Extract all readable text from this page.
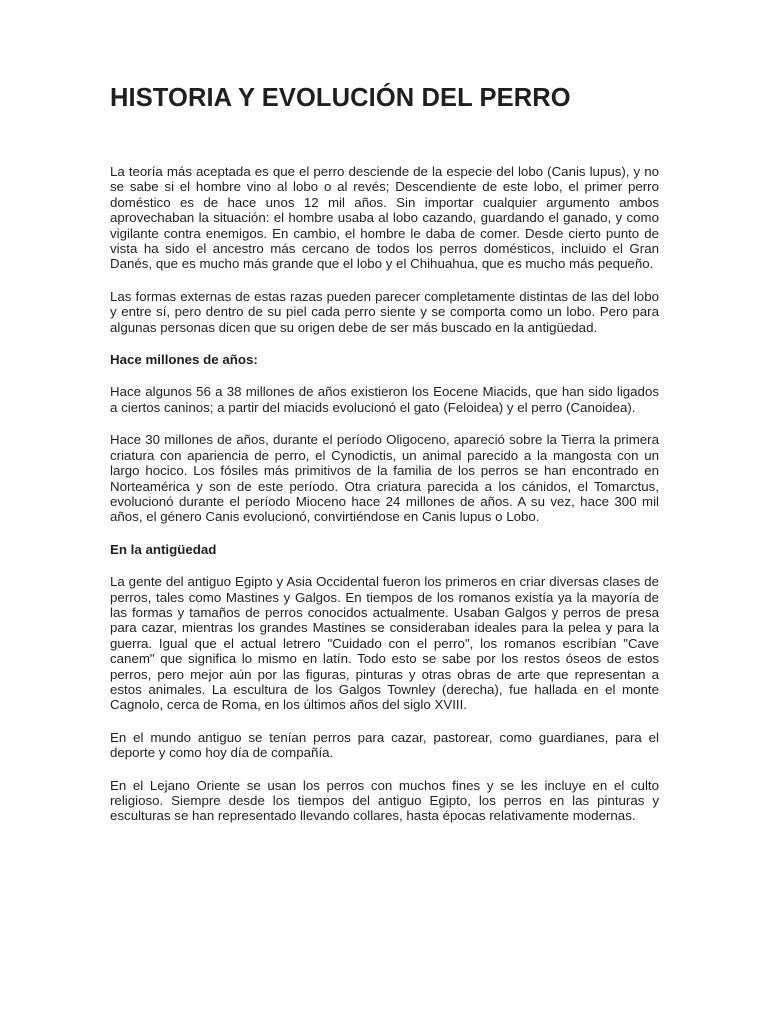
HISTORIA Y EVOLUCIÓN DEL PERRO

La teoría más aceptada es que el perro desciende de la especie del lobo (Canis lupus), y no se sabe si el hombre vino al lobo o al revés; Descendiente de este lobo, el primer perro doméstico es de hace unos 12 mil años. Sin importar cualquier argumento ambos aprovechaban la situación: el hombre usaba al lobo cazando, guardando el ganado, y como vigilante contra enemigos. En cambio, el hombre le daba de comer. Desde cierto punto de vista ha sido el ancestro más cercano de todos los perros domésticos, incluido el Gran Danés, que es mucho más grande que el lobo y el Chihuahua, que es mucho más pequeño.

Las formas externas de estas razas pueden parecer completamente distintas de las del lobo y entre sí, pero dentro de su piel cada perro siente y se comporta como un lobo. Pero para algunas personas dicen que su origen debe de ser más buscado en la antigüedad.

Hace millones de años:

Hace algunos 56 a 38 millones de años existieron los Eocene Miacids, que han sido ligados a ciertos caninos; a partir del miacids evolucionó el gato (Feloidea) y el perro (Canoidea).

Hace 30 millones de años, durante el período Oligoceno, apareció sobre la Tierra la primera criatura con apariencia de perro, el Cynodictis, un animal parecido a la mangosta con un largo hocico. Los fósiles más primitivos de la familia de los perros se han encontrado en Norteamérica y son de este período. Otra criatura parecida a los cánidos, el Tomarctus, evolucionó durante el período Mioceno hace 24 millones de años. A su vez, hace 300 mil años, el género Canis evolucionó, convirtiéndose en Canis lupus o Lobo.

En la antigüedad

La gente del antiguo Egipto y Asia Occidental fueron los primeros en criar diversas clases de perros, tales como Mastines y Galgos. En tiempos de los romanos existía ya la mayoría de las formas y tamaños de perros conocidos actualmente. Usaban Galgos y perros de presa para cazar, mientras los grandes Mastines se consideraban ideales para la pelea y para la guerra. Igual que el actual letrero "Cuidado con el perro", los romanos escribían "Cave canem" que significa lo mismo en latín. Todo esto se sabe por los restos óseos de estos perros, pero mejor aún por las figuras, pinturas y otras obras de arte que representan a estos animales. La escultura de los Galgos Townley (derecha), fue hallada en el monte Cagnolo, cerca de Roma, en los últimos años del siglo XVIII.

En el mundo antiguo se tenían perros para cazar, pastorear, como guardianes, para el deporte y como hoy día de compañía.

En el Lejano Oriente se usan los perros con muchos fines y se les incluye en el culto religioso. Siempre desde los tiempos del antiguo Egipto, los perros en las pinturas y esculturas se han representado llevando collares, hasta épocas relativamente modernas.
